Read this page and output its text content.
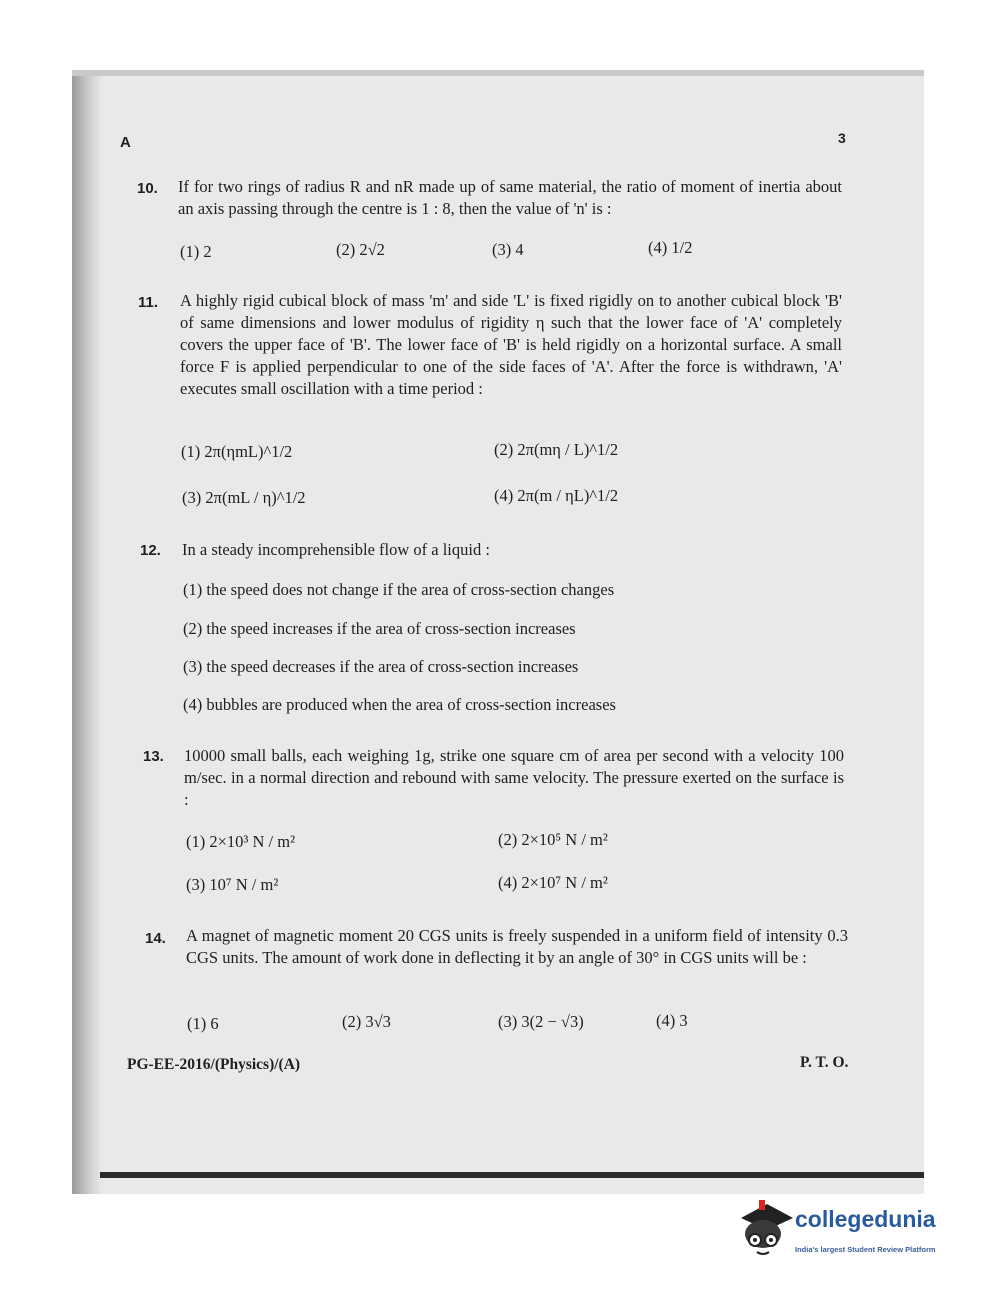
A	3
10. If for two rings of radius R and nR made up of same material, the ratio of moment of inertia about an axis passing through the centre is 1 : 8, then the value of 'n' is :
(1) 2	(2) 2√2	(3) 4	(4) 1/2
11. A highly rigid cubical block of mass 'm' and side 'L' is fixed rigidly on to another cubical block 'B' of same dimensions and lower modulus of rigidity η such that the lower face of 'A' completely covers the upper face of 'B'. The lower face of 'B' is held rigidly on a horizontal surface. A small force F is applied perpendicular to one of the side faces of 'A'. After the force is withdrawn, 'A' executes small oscillation with a time period :
(1) 2π(ηmL)^1/2	(2) 2π(mη / L)^1/2
(3) 2π(mL / η)^1/2	(4) 2π(m / ηL)^1/2
12. In a steady incomprehensible flow of a liquid :
(1) the speed does not change if the area of cross-section changes
(2) the speed increases if the area of cross-section increases
(3) the speed decreases if the area of cross-section increases
(4) bubbles are produced when the area of cross-section increases
13. 10000 small balls, each weighing 1g, strike one square cm of area per second with a velocity 100 m/sec. in a normal direction and rebound with same velocity. The pressure exerted on the surface is :
(1) 2×10³ N / m²	(2) 2×10⁵ N / m²
(3) 10⁷ N / m²	(4) 2×10⁷ N / m²
14. A magnet of magnetic moment 20 CGS units is freely suspended in a uniform field of intensity 0.3 CGS units. The amount of work done in deflecting it by an angle of 30° in CGS units will be :
(1) 6	(2) 3√3	(3) 3(2 − √3)	(4) 3
PG-EE-2016/(Physics)/(A)	P. T. O.
collegedunia
India's largest Student Review Platform
